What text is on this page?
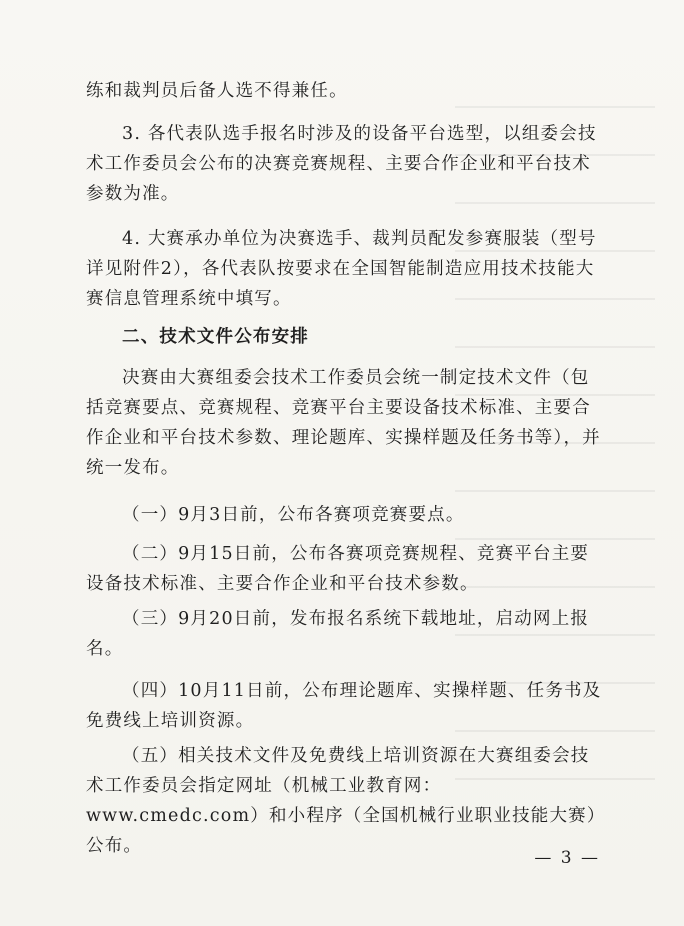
练和裁判员后备人选不得兼任。

3. 各代表队选手报名时涉及的设备平台选型，以组委会技术工作委员会公布的决赛竞赛规程、主要合作企业和平台技术参数为准。

4. 大赛承办单位为决赛选手、裁判员配发参赛服装（型号详见附件2），各代表队按要求在全国智能制造应用技术技能大赛信息管理系统中填写。

二、技术文件公布安排

决赛由大赛组委会技术工作委员会统一制定技术文件（包括竞赛要点、竞赛规程、竞赛平台主要设备技术标准、主要合作企业和平台技术参数、理论题库、实操样题及任务书等），并统一发布。

（一）9月3日前，公布各赛项竞赛要点。

（二）9月15日前，公布各赛项竞赛规程、竞赛平台主要设备技术标准、主要合作企业和平台技术参数。

（三）9月20日前，发布报名系统下载地址，启动网上报名。

（四）10月11日前，公布理论题库、实操样题、任务书及免费线上培训资源。

（五）相关技术文件及免费线上培训资源在大赛组委会技术工作委员会指定网址（机械工业教育网：www.cmedc.com）和小程序（全国机械行业职业技能大赛）公布。

— 3 —
